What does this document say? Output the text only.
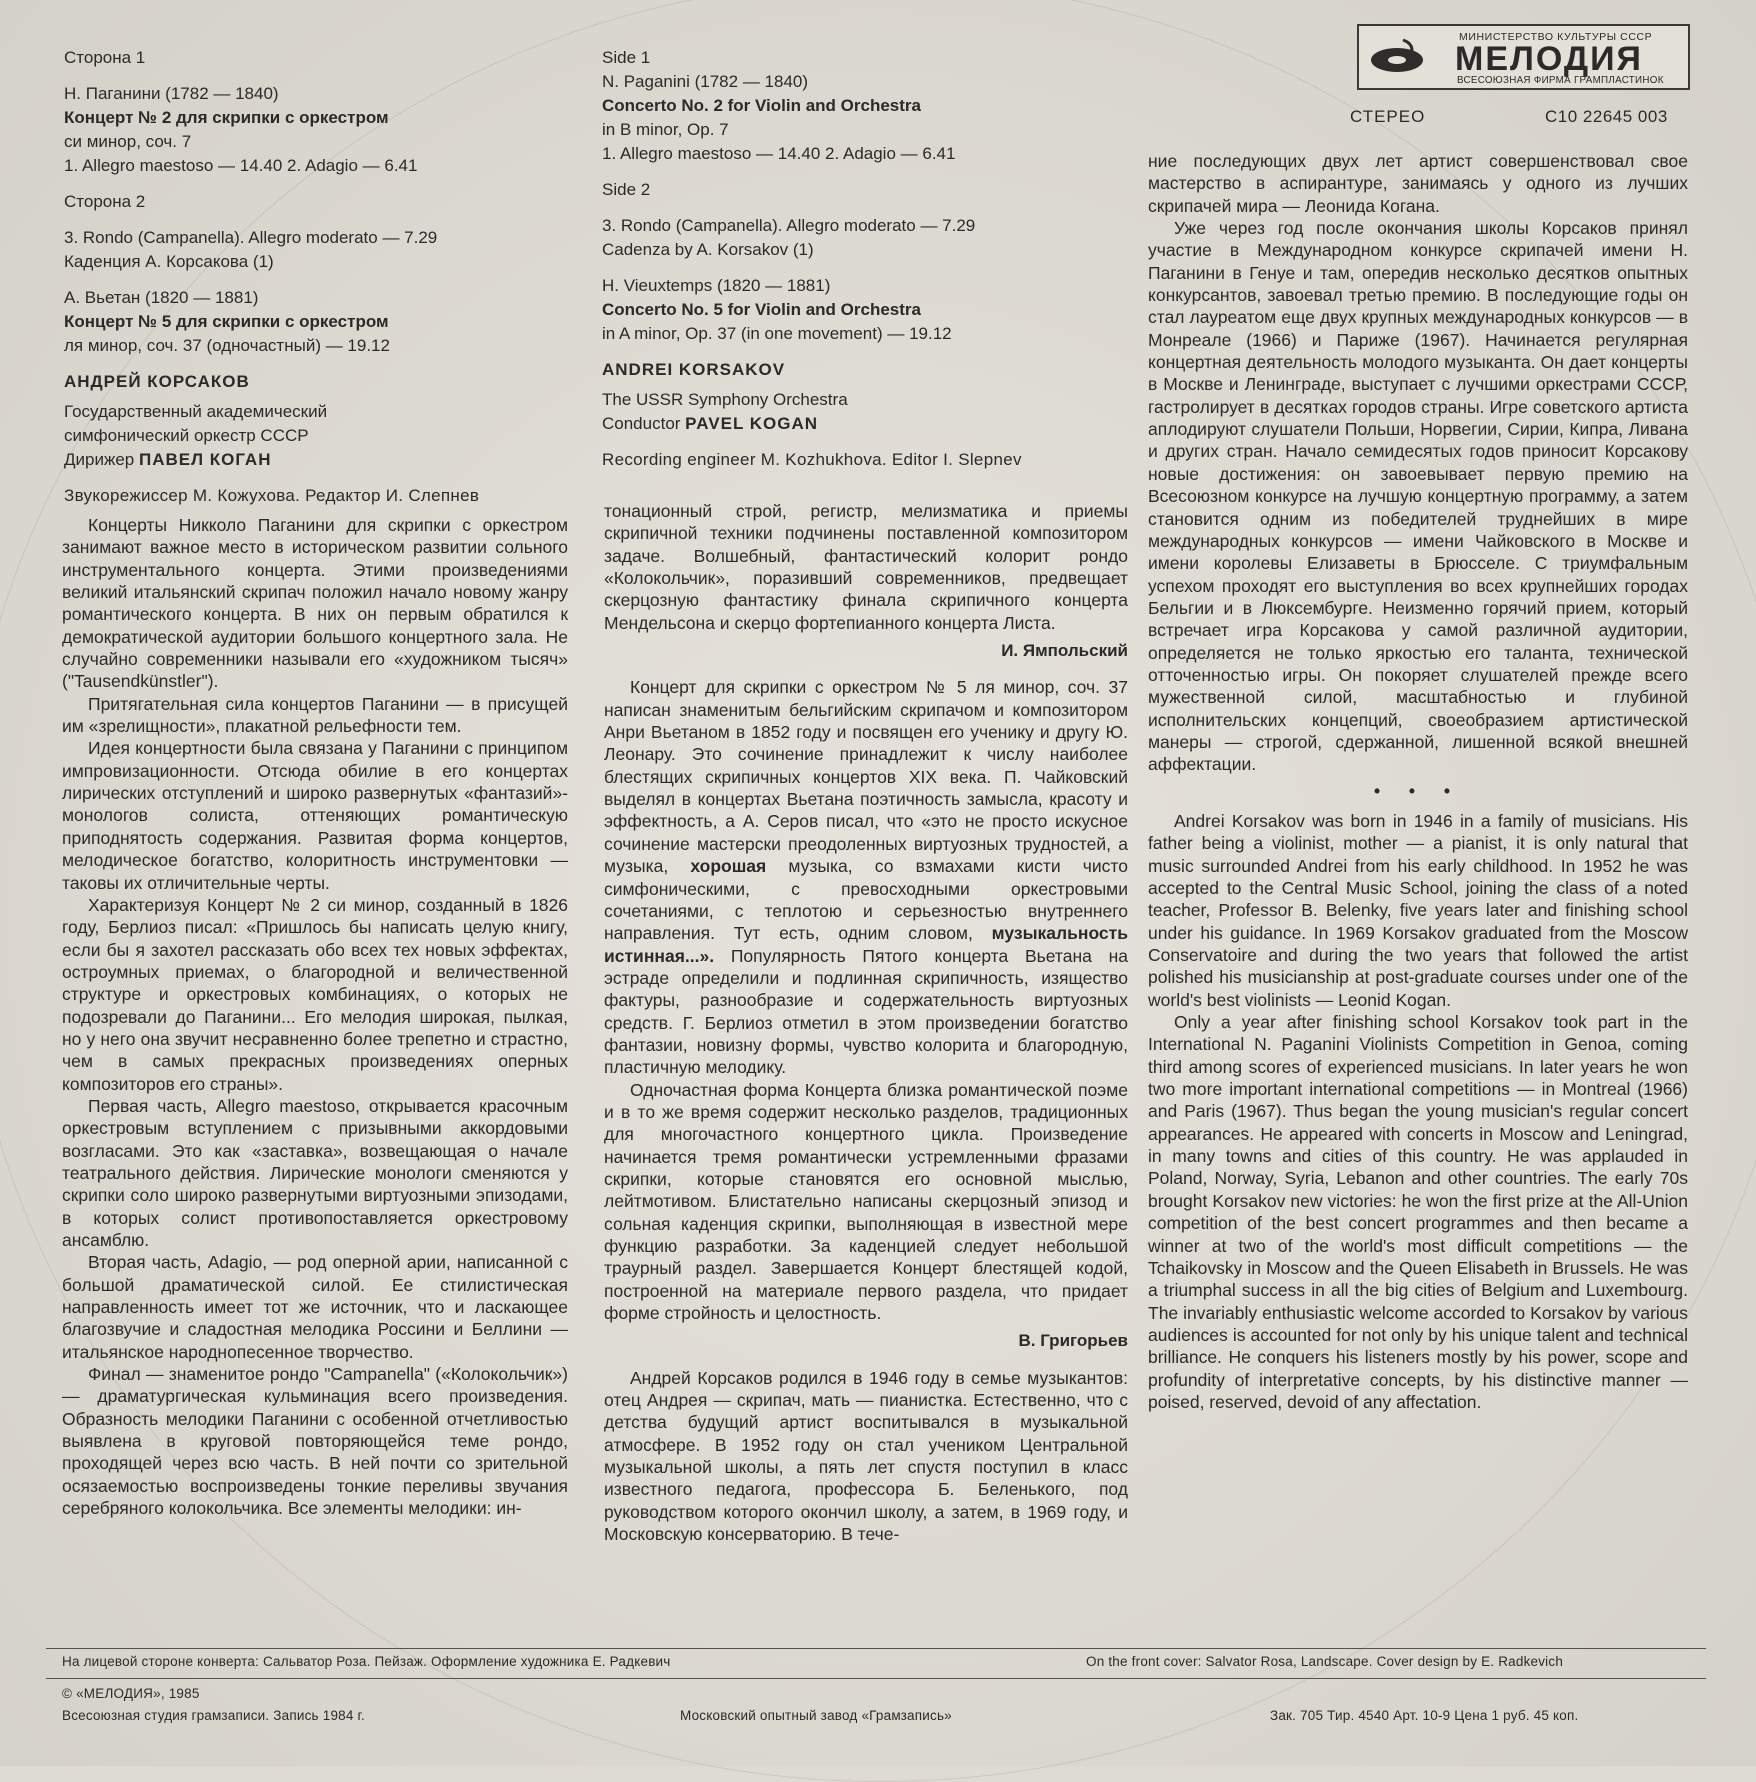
МИНИСТЕРСТВО КУЛЬТУРЫ СССР
МЕЛОДИЯ
ВСЕСОЮЗНАЯ ФИРМА ГРАМПЛАСТИНОК
СТЕРЕО	С10 22645 003

Сторона 1

Н. Паганини (1782 — 1840)

Концерт № 2 для скрипки с оркестром

си минор, соч. 7

1. Allegro maestoso — 14.40 2. Adagio — 6.41

Сторона 2

3. Rondo (Campanella). Allegro moderato — 7.29

Каденция А. Корсакова (1)

А. Вьетан (1820 — 1881)

Концерт № 5 для скрипки с оркестром

ля минор, соч. 37 (одночастный) — 19.12

АНДРЕЙ КОРСАКОВ

Государственный академический

симфонический оркестр СССР

Дирижер ПАВЕЛ КОГАН

Звукорежиссер М. Кожухова. Редактор И. Слепнев

Side 1

N. Paganini (1782 — 1840)

Concerto No. 2 for Violin and Orchestra

in B minor, Op. 7

1. Allegro maestoso — 14.40 2. Adagio — 6.41

Side 2

3. Rondo (Campanella). Allegro moderato — 7.29

Cadenza by A. Korsakov (1)

H. Vieuxtemps (1820 — 1881)

Concerto No. 5 for Violin and Orchestra

in A minor, Op. 37 (in one movement) — 19.12

ANDREI KORSAKOV

The USSR Symphony Orchestra

Conductor PAVEL KOGAN

Recording engineer M. Kozhukhova. Editor I. Slepnev

Концерты Никколо Паганини для скрипки с оркестром занимают важное место в историческом развитии сольного инструментального концерта. Этими произведениями великий итальянский скрипач положил начало новому жанру романтического концерта. В них он первым обратился к демократической аудитории большого концертного зала. Не случайно современники называли его «художником тысяч» ("Tausendkünstler").

Притягательная сила концертов Паганини — в присущей им «зрелищности», плакатной рельефности тем.

Идея концертности была связана у Паганини с принципом импровизационности. Отсюда обилие в его концертах лирических отступлений и широко развернутых «фантазий»-монологов солиста, оттеняющих романтическую приподнятость содержания. Развитая форма концертов, мелодическое богатство, колоритность инструментовки — таковы их отличительные черты.

Характеризуя Концерт № 2 си минор, созданный в 1826 году, Берлиоз писал: «Пришлось бы написать целую книгу, если бы я захотел рассказать обо всех тех новых эффектах, остроумных приемах, о благородной и величественной структуре и оркестровых комбинациях, о которых не подозревали до Паганини... Его мелодия широкая, пылкая, но у него она звучит несравненно более трепетно и страстно, чем в самых прекрасных произведениях оперных композиторов его страны».

Первая часть, Allegro maestoso, открывается красочным оркестровым вступлением с призывными аккордовыми возгласами. Это как «заставка», возвещающая о начале театрального действия. Лирические монологи сменяются у скрипки соло широко развернутыми виртуозными эпизодами, в которых солист противопоставляется оркестровому ансамблю.

Вторая часть, Adagio, — род оперной арии, написанной с большой драматической силой. Ее стилистическая направленность имеет тот же источник, что и ласкающее благозвучие и сладостная мелодика Россини и Беллини — итальянское народнопесенное творчество.

Финал — знаменитое рондо "Campanella" («Колокольчик») — драматургическая кульминация всего произведения. Образность мелодики Паганини с особенной отчетливостью выявлена в круговой повторяющейся теме рондо, проходящей через всю часть. В ней почти со зрительной осязаемостью воспроизведены тонкие переливы звучания серебряного колокольчика. Все элементы мелодики: ин-

тонационный строй, регистр, мелизматика и приемы скрипичной техники подчинены поставленной композитором задаче. Волшебный, фантастический колорит рондо «Колокольчик», поразивший современников, предвещает скерцозную фантастику финала скрипичного концерта Мендельсона и скерцо фортепианного концерта Листа.

И. Ямпольский

Концерт для скрипки с оркестром № 5 ля минор, соч. 37 написан знаменитым бельгийским скрипачом и композитором Анри Вьетаном в 1852 году и посвящен его ученику и другу Ю. Леонару. Это сочинение принадлежит к числу наиболее блестящих скрипичных концертов XIX века. П. Чайковский выделял в концертах Вьетана поэтичность замысла, красоту и эффектность, а А. Серов писал, что «это не просто искусное сочинение мастерски преодоленных виртуозных трудностей, а музыка, хорошая музыка, со взмахами кисти чисто симфоническими, с превосходными оркестровыми сочетаниями, с теплотою и серьезностью внутреннего направления. Тут есть, одним словом, музыкальность истинная...». Популярность Пятого концерта Вьетана на эстраде определили и подлинная скрипичность, изящество фактуры, разнообразие и содержательность виртуозных средств. Г. Берлиоз отметил в этом произведении богатство фантазии, новизну формы, чувство колорита и благородную, пластичную мелодику.

Одночастная форма Концерта близка романтической поэме и в то же время содержит несколько разделов, традиционных для многочастного концертного цикла. Произведение начинается тремя романтически устремленными фразами скрипки, которые становятся его основной мыслью, лейтмотивом. Блистательно написаны скерцозный эпизод и сольная каденция скрипки, выполняющая в известной мере функцию разработки. За каденцией следует небольшой траурный раздел. Завершается Концерт блестящей кодой, построенной на материале первого раздела, что придает форме стройность и целостность.

В. Григорьев

Андрей Корсаков родился в 1946 году в семье музыкантов: отец Андрея — скрипач, мать — пианистка. Естественно, что с детства будущий артист воспитывался в музыкальной атмосфере. В 1952 году он стал учеником Центральной музыкальной школы, а пять лет спустя поступил в класс известного педагога, профессора Б. Беленького, под руководством которого окончил школу, а затем, в 1969 году, и Московскую консерваторию. В тече-

ние последующих двух лет артист совершенствовал свое мастерство в аспирантуре, занимаясь у одного из лучших скрипачей мира — Леонида Когана.

Уже через год после окончания школы Корсаков принял участие в Международном конкурсе скрипачей имени Н. Паганини в Генуе и там, опередив несколько десятков опытных конкурсантов, завоевал третью премию. В последующие годы он стал лауреатом еще двух крупных международных конкурсов — в Монреале (1966) и Париже (1967). Начинается регулярная концертная деятельность молодого музыканта. Он дает концерты в Москве и Ленинграде, выступает с лучшими оркестрами СССР, гастролирует в десятках городов страны. Игре советского артиста аплодируют слушатели Польши, Норвегии, Сирии, Кипра, Ливана и других стран. Начало семидесятых годов приносит Корсакову новые достижения: он завоевывает первую премию на Всесоюзном конкурсе на лучшую концертную программу, а затем становится одним из победителей труднейших в мире международных конкурсов — имени Чайковского в Москве и имени королевы Елизаветы в Брюсселе. С триумфальным успехом проходят его выступления во всех крупнейших городах Бельгии и в Люксембурге. Неизменно горячий прием, который встречает игра Корсакова у самой различной аудитории, определяется не только яркостью его таланта, технической отточенностью игры. Он покоряет слушателей прежде всего мужественной силой, масштабностью и глубиной исполнительских концепций, своеобразием артистической манеры — строгой, сдержанной, лишенной всякой внешней аффектации.

• • •

Andrei Korsakov was born in 1946 in a family of musicians. His father being a violinist, mother — a pianist, it is only natural that music surrounded Andrei from his early childhood. In 1952 he was accepted to the Central Music School, joining the class of a noted teacher, Professor B. Belenky, five years later and finishing school under his guidance. In 1969 Korsakov graduated from the Moscow Conservatoire and during the two years that followed the artist polished his musicianship at post-graduate courses under one of the world's best violinists — Leonid Kogan.

Only a year after finishing school Korsakov took part in the International N. Paganini Violinists Competition in Genoa, coming third among scores of experienced musicians. In later years he won two more important international competitions — in Montreal (1966) and Paris (1967). Thus began the young musician's regular concert appearances. He appeared with concerts in Moscow and Leningrad, in many towns and cities of this country. He was applauded in Poland, Norway, Syria, Lebanon and other countries. The early 70s brought Korsakov new victories: he won the first prize at the All-Union competition of the best concert programmes and then became a winner at two of the world's most difficult competitions — the Tchaikovsky in Moscow and the Queen Elisabeth in Brussels. He was a triumphal success in all the big cities of Belgium and Luxembourg. The invariably enthusiastic welcome accorded to Korsakov by various audiences is accounted for not only by his unique talent and technical brilliance. He conquers his listeners mostly by his power, scope and profundity of interpretative concepts, by his distinctive manner — poised, reserved, devoid of any affectation.

На лицевой стороне конверта: Сальватор Роза. Пейзаж. Оформление художника Е. Радкевич	On the front cover: Salvator Rosa, Landscape. Cover design by E. Radkevich
© «МЕЛОДИЯ», 1985
Всесоюзная студия грамзаписи. Запись 1984 г.	Московский опытный завод «Грамзапись»	Зак. 705 Тир. 4540 Арт. 10-9 Цена 1 руб. 45 коп.
